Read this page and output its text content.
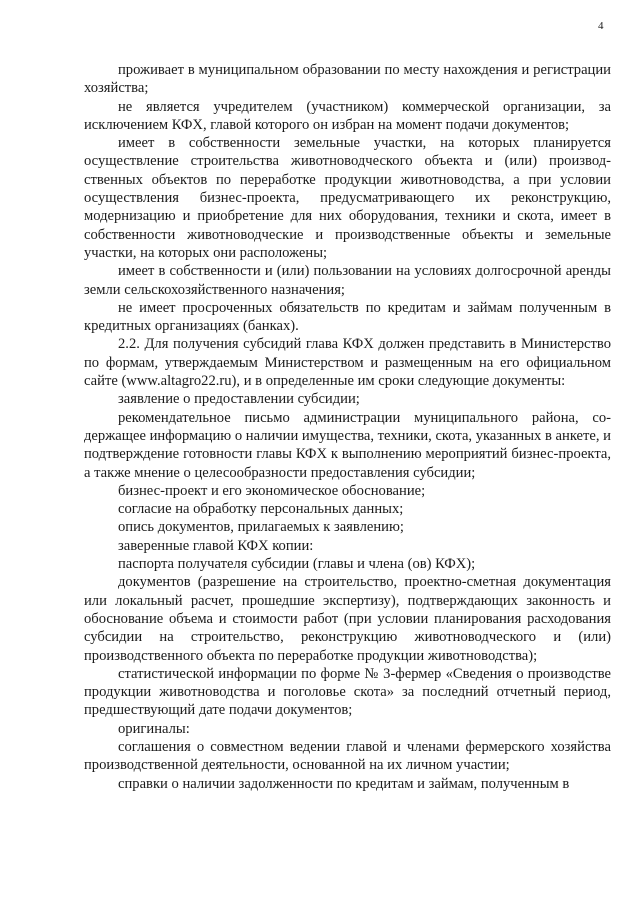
4

проживает в муниципальном образовании по месту нахождения и регистрации хозяйства;

не является учредителем (участником) коммерческой организации, за исключением КФХ, главой которого он избран на момент подачи документов;

имеет в собственности земельные участки, на которых планируется осуществление строительства животноводческого объекта и (или) производственных объектов по переработке продукции животноводства, а при условии осуществления бизнес-проекта, предусматривающего их реконструкцию, модернизацию и приобретение для них оборудования, техники и скота, имеет в собственности животноводческие и производственные объекты и земельные участки, на которых они расположены;

имеет в собственности и (или) пользовании на условиях долгосрочной аренды земли сельскохозяйственного назначения;

не имеет просроченных обязательств по кредитам и займам полученным в кредитных организациях (банках).

2.2. Для получения субсидий глава КФХ должен представить в Министерство по формам, утверждаемым Министерством и размещенным на его официальном сайте (www.altagro22.ru), и в определенные им сроки следующие документы:

заявление о предоставлении субсидии;

рекомендательное письмо администрации муниципального района, содержащее информацию о наличии имущества, техники, скота, указанных в анкете, и подтверждение готовности главы КФХ к выполнению мероприятий бизнес-проекта, а также мнение о целесообразности предоставления субсидии;

бизнес-проект и его экономическое обоснование;

согласие на обработку персональных данных;

опись документов, прилагаемых к заявлению;

заверенные главой КФХ копии:

паспорта получателя субсидии (главы и члена (ов) КФХ);

документов (разрешение на строительство, проектно-сметная документация или локальный расчет, прошедшие экспертизу), подтверждающих законность и обоснование объема и стоимости работ (при условии планирования расходования субсидии на строительство, реконструкцию животноводческого и (или) производственного объекта по переработке продукции животноводства);

статистической информации по форме № 3-фермер «Сведения о производстве продукции животноводства и поголовье скота» за последний отчетный период, предшествующий дате подачи документов;

оригиналы:

соглашения о совместном ведении главой и членами фермерского хозяйства производственной деятельности, основанной на их личном участии;

справки о наличии задолженности по кредитам и займам, полученным в
